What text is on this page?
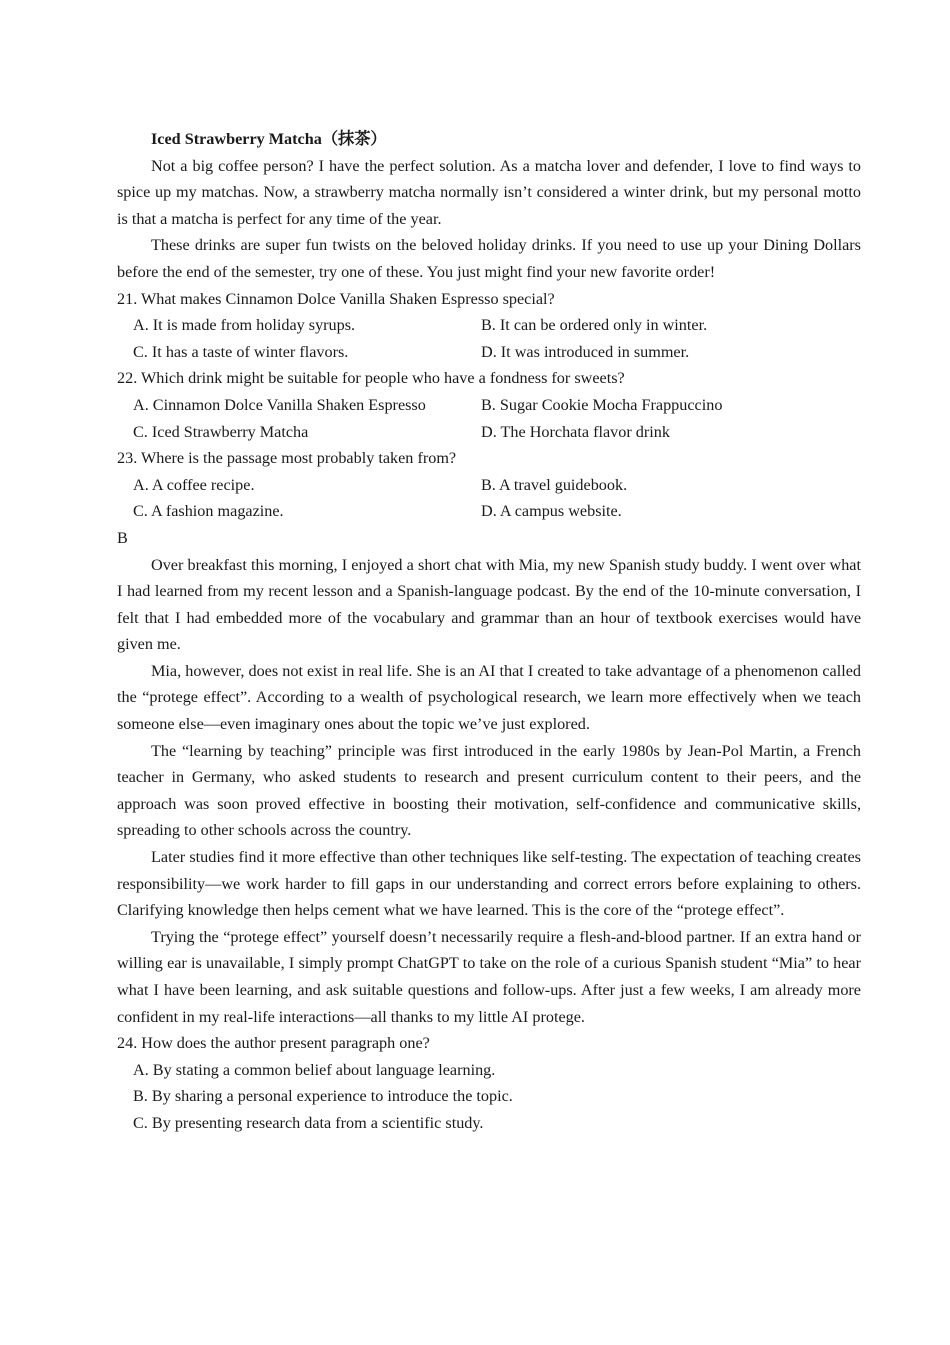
Iced Strawberry Matcha（抹茶）

Not a big coffee person? I have the perfect solution. As a matcha lover and defender, I love to find ways to spice up my matchas. Now, a strawberry matcha normally isn’t considered a winter drink, but my personal motto is that a matcha is perfect for any time of the year.

These drinks are super fun twists on the beloved holiday drinks. If you need to use up your Dining Dollars before the end of the semester, try one of these. You just might find your new favorite order!

21. What makes Cinnamon Dolce Vanilla Shaken Espresso special?

A. It is made from holiday syrups.	B. It can be ordered only in winter.
C. It has a taste of winter flavors.	D. It was introduced in summer.

22. Which drink might be suitable for people who have a fondness for sweets?

A. Cinnamon Dolce Vanilla Shaken Espresso	B. Sugar Cookie Mocha Frappuccino
C. Iced Strawberry Matcha	D. The Horchata flavor drink

23. Where is the passage most probably taken from?

A. A coffee recipe.	B. A travel guidebook.
C. A fashion magazine.	D. A campus website.

B

Over breakfast this morning, I enjoyed a short chat with Mia, my new Spanish study buddy. I went over what I had learned from my recent lesson and a Spanish-language podcast. By the end of the 10-minute conversation, I felt that I had embedded more of the vocabulary and grammar than an hour of textbook exercises would have given me.

Mia, however, does not exist in real life. She is an AI that I created to take advantage of a phenomenon called the “protege effect”. According to a wealth of psychological research, we learn more effectively when we teach someone else—even imaginary ones about the topic we’ve just explored.

The “learning by teaching” principle was first introduced in the early 1980s by Jean-Pol Martin, a French teacher in Germany, who asked students to research and present curriculum content to their peers, and the approach was soon proved effective in boosting their motivation, self-confidence and communicative skills, spreading to other schools across the country.

Later studies find it more effective than other techniques like self-testing. The expectation of teaching creates responsibility—we work harder to fill gaps in our understanding and correct errors before explaining to others. Clarifying knowledge then helps cement what we have learned. This is the core of the “protege effect”.

Trying the “protege effect” yourself doesn’t necessarily require a flesh-and-blood partner. If an extra hand or willing ear is unavailable, I simply prompt ChatGPT to take on the role of a curious Spanish student “Mia” to hear what I have been learning, and ask suitable questions and follow-ups. After just a few weeks, I am already more confident in my real-life interactions—all thanks to my little AI protege.

24. How does the author present paragraph one?

A. By stating a common belief about language learning.
B. By sharing a personal experience to introduce the topic.
C. By presenting research data from a scientific study.
